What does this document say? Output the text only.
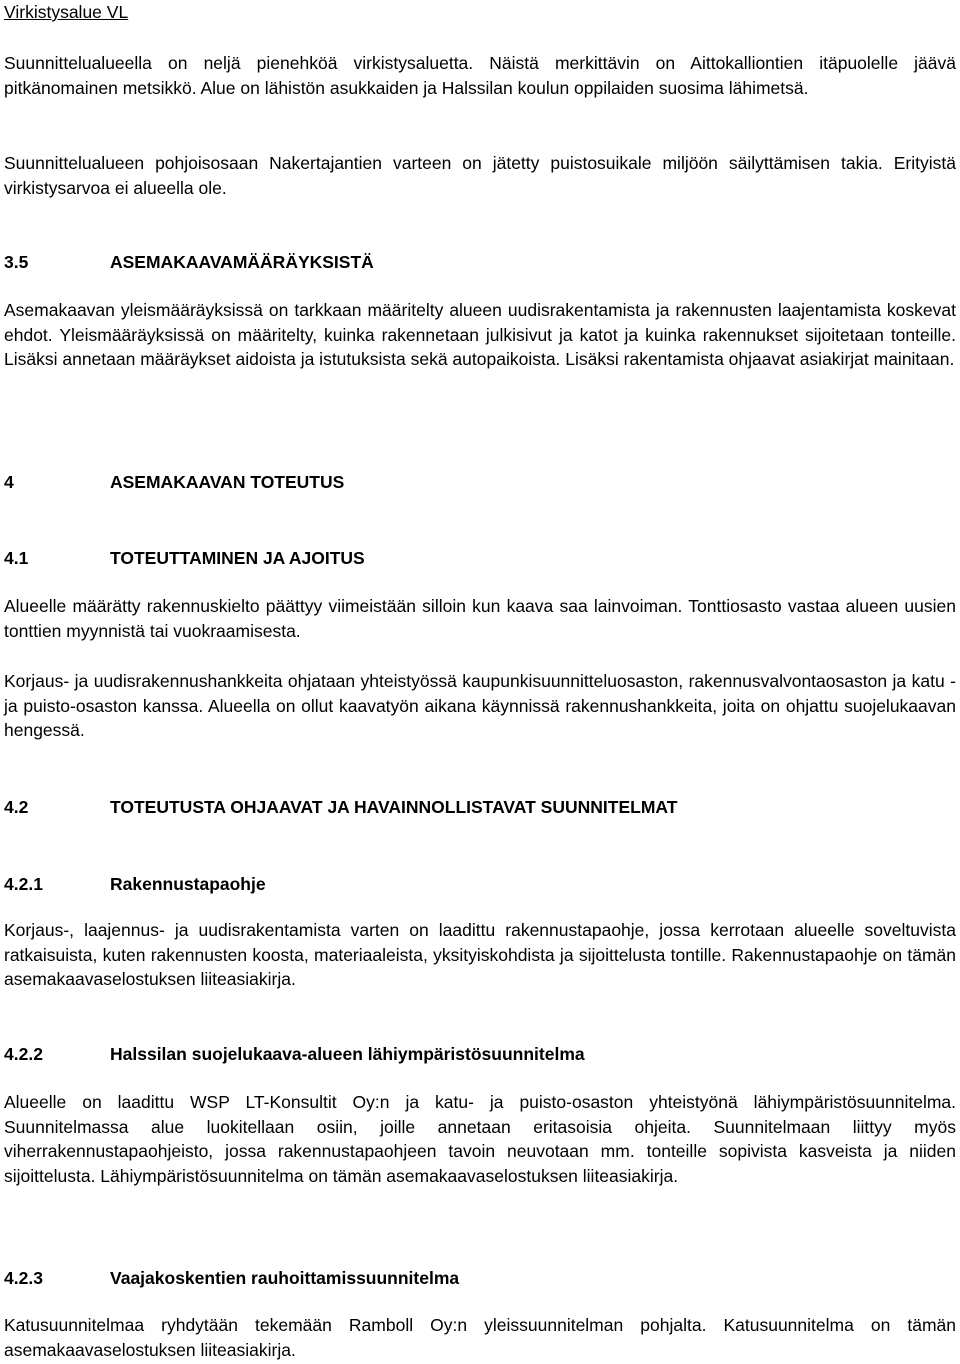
Virkistysalue VL

Suunnittelualueella on neljä pienehköä virkistysaluetta. Näistä merkittävin on Aittokalliontien itäpuolelle jäävä pitkänomainen metsikkö. Alue on lähistön asukkaiden ja Halssilan koulun oppilaiden suosima lähimetsä.

Suunnittelualueen pohjoisosaan Nakertajantien varteen on jätetty puistosuikale miljöön säilyttämisen takia. Erityistä virkistysarvoa ei alueella ole.

3.5	ASEMAKAAVAMÄÄRÄYKSISTÄ

Asemakaavan yleismääräyksissä on tarkkaan määritelty alueen uudisrakentamista ja rakennusten laajentamista koskevat ehdot. Yleismääräyksissä on määritelty, kuinka rakennetaan julkisivut ja katot ja kuinka rakennukset sijoitetaan tonteille. Lisäksi annetaan määräykset aidoista ja istutuksista sekä autopaikoista. Lisäksi rakentamista ohjaavat asiakirjat mainitaan.

4	ASEMAKAAVAN TOTEUTUS
4.1	TOTEUTTAMINEN JA AJOITUS

Alueelle määrätty rakennuskielto päättyy viimeistään silloin kun kaava saa lainvoiman. Tonttiosasto vastaa alueen uusien tonttien myynnistä tai vuokraamisesta.

Korjaus- ja uudisrakennushankkeita ohjataan yhteistyössä kaupunkisuunnitteluosaston, rakennusvalvontaosaston ja katu - ja puisto-osaston kanssa. Alueella on ollut kaavatyön aikana käynnissä rakennushankkeita, joita on ohjattu suojelukaavan hengessä.

4.2	TOTEUTUSTA OHJAAVAT JA HAVAINNOLLISTAVAT SUUNNITELMAT
4.2.1	Rakennustapaohje

Korjaus-, laajennus- ja uudisrakentamista varten on laadittu rakennustapaohje, jossa kerrotaan alueelle soveltuvista ratkaisuista, kuten rakennusten koosta, materiaaleista, yksityiskohdista ja sijoittelusta tontille. Rakennustapaohje on tämän asemakaavaselostuksen liiteasiakirja.

4.2.2	Halssilan suojelukaava-alueen lähiympäristösuunnitelma

Alueelle on laadittu WSP LT-Konsultit Oy:n ja katu- ja puisto-osaston yhteistyönä lähiympäristösuunnitelma. Suunnitelmassa alue luokitellaan osiin, joille annetaan eritasoisia ohjeita. Suunnitelmaan liittyy myös viherrakennustapaohjeisto, jossa rakennustapaohjeen tavoin neuvotaan mm. tonteille sopivista kasveista ja niiden sijoittelusta. Lähiympäristösuunnitelma on tämän asemakaavaselostuksen liiteasiakirja.

4.2.3	Vaajakoskentien rauhoittamissuunnitelma

Katusuunnitelmaa ryhdytään tekemään Ramboll Oy:n yleissuunnitelman pohjalta. Katusuunnitelma on tämän asemakaavaselostuksen liiteasiakirja.
